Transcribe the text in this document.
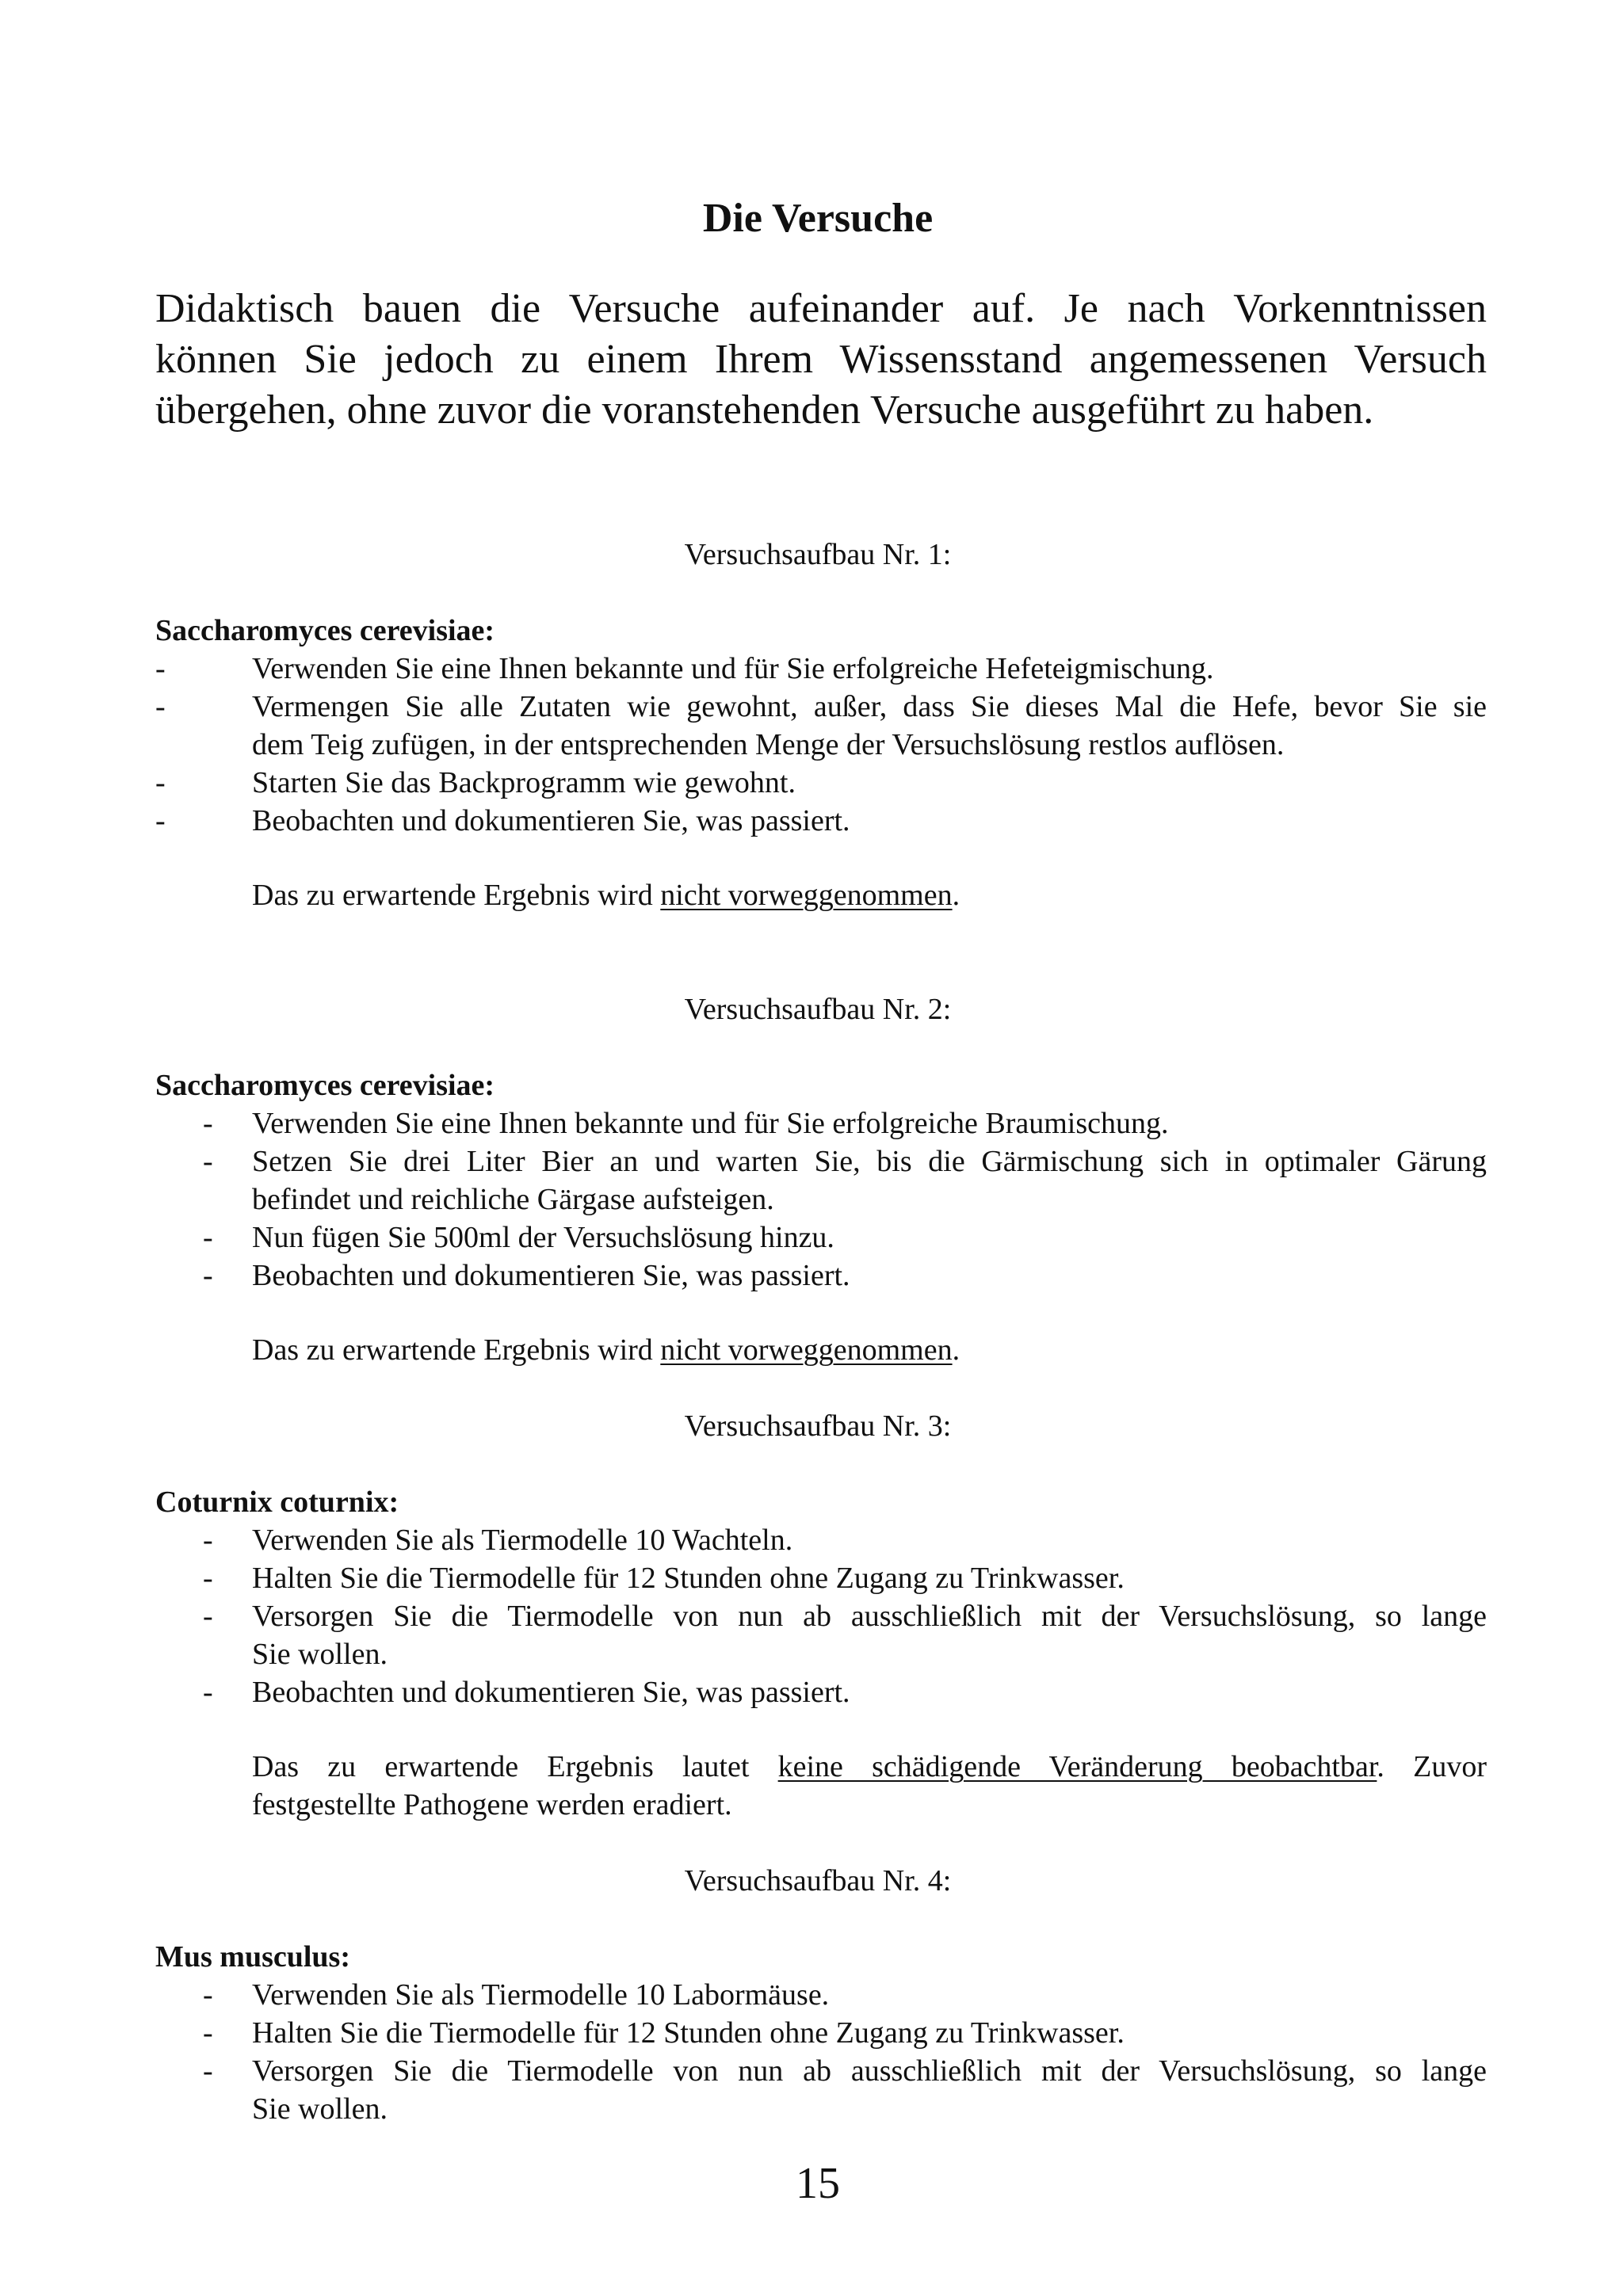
Die Versuche
Didaktisch bauen die Versuche aufeinander auf. Je nach Vorkenntnissen
können Sie jedoch zu einem Ihrem Wissensstand angemessenen Versuch
übergehen, ohne zuvor die voranstehenden Versuche ausgeführt zu haben.
Versuchsaufbau Nr. 1:
Saccharomyces cerevisiae:
-	Verwenden Sie eine Ihnen bekannte und für Sie erfolgreiche Hefeteigmischung.
-	Vermengen Sie alle Zutaten wie gewohnt, außer, dass Sie dieses Mal die Hefe, bevor Sie sie
dem Teig zufügen, in der entsprechenden Menge der Versuchslösung restlos auflösen.
-	Starten Sie das Backprogramm wie gewohnt.
-	Beobachten und dokumentieren Sie, was passiert.
Das zu erwartende Ergebnis wird nicht vorweggenommen.
Versuchsaufbau Nr. 2:
Saccharomyces cerevisiae:
- Verwenden Sie eine Ihnen bekannte und für Sie erfolgreiche Braumischung.
- Setzen Sie drei Liter Bier an und warten Sie, bis die Gärmischung sich in optimaler Gärung
befindet und reichliche Gärgase aufsteigen.
- Nun fügen Sie 500ml der Versuchslösung hinzu.
- Beobachten und dokumentieren Sie, was passiert.
Das zu erwartende Ergebnis wird nicht vorweggenommen.
Versuchsaufbau Nr. 3:
Coturnix coturnix:
- Verwenden Sie als Tiermodelle 10 Wachteln.
- Halten Sie die Tiermodelle für 12 Stunden ohne Zugang zu Trinkwasser.
- Versorgen Sie die Tiermodelle von nun ab ausschließlich mit der Versuchslösung, so lange
Sie wollen.
- Beobachten und dokumentieren Sie, was passiert.
Das zu erwartende Ergebnis lautet keine schädigende Veränderung beobachtbar. Zuvor
festgestellte Pathogene werden eradiert.
Versuchsaufbau Nr. 4:
Mus musculus:
- Verwenden Sie als Tiermodelle 10 Labormäuse.
- Halten Sie die Tiermodelle für 12 Stunden ohne Zugang zu Trinkwasser.
- Versorgen Sie die Tiermodelle von nun ab ausschließlich mit der Versuchslösung, so lange
Sie wollen.
15
